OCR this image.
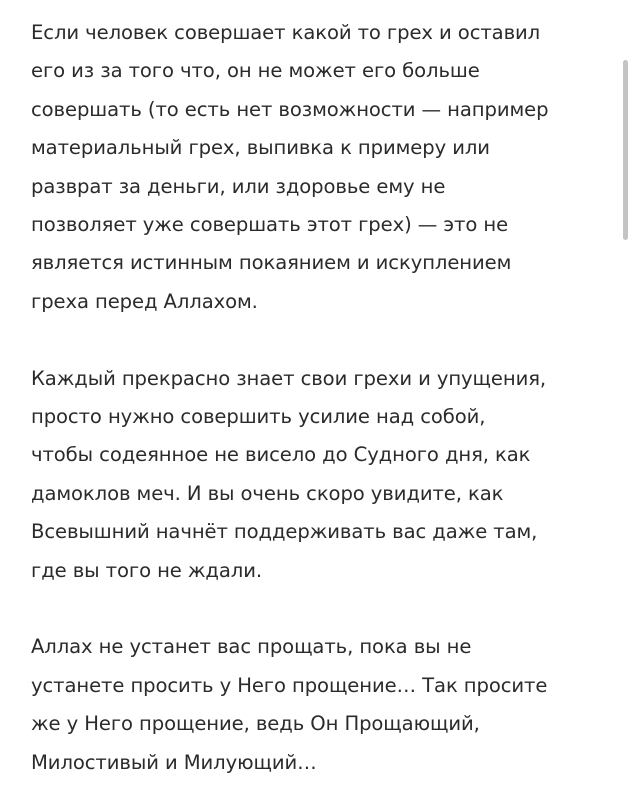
Если человек совершает какой то грех и оставил
его из за того что, он не может его больше
совершать (то есть нет возможности — например
материальный грех, выпивка к примеру или
разврат за деньги, или здоровье ему не
позволяет уже совершать этот грех) — это не
является истинным покаянием и искуплением
греха перед Аллахом.

Каждый прекрасно знает свои грехи и упущения,
просто нужно совершить усилие над собой,
чтобы содеянное не висело до Судного дня, как
дамоклов меч. И вы очень скоро увидите, как
Всевышний начнёт поддерживать вас даже там,
где вы того не ждали.

Аллах не устанет вас прощать, пока вы не
устанете просить у Него прощение… Так просите
же у Него прощение, ведь Он Прощающий,
Милостивый и Милующий…
